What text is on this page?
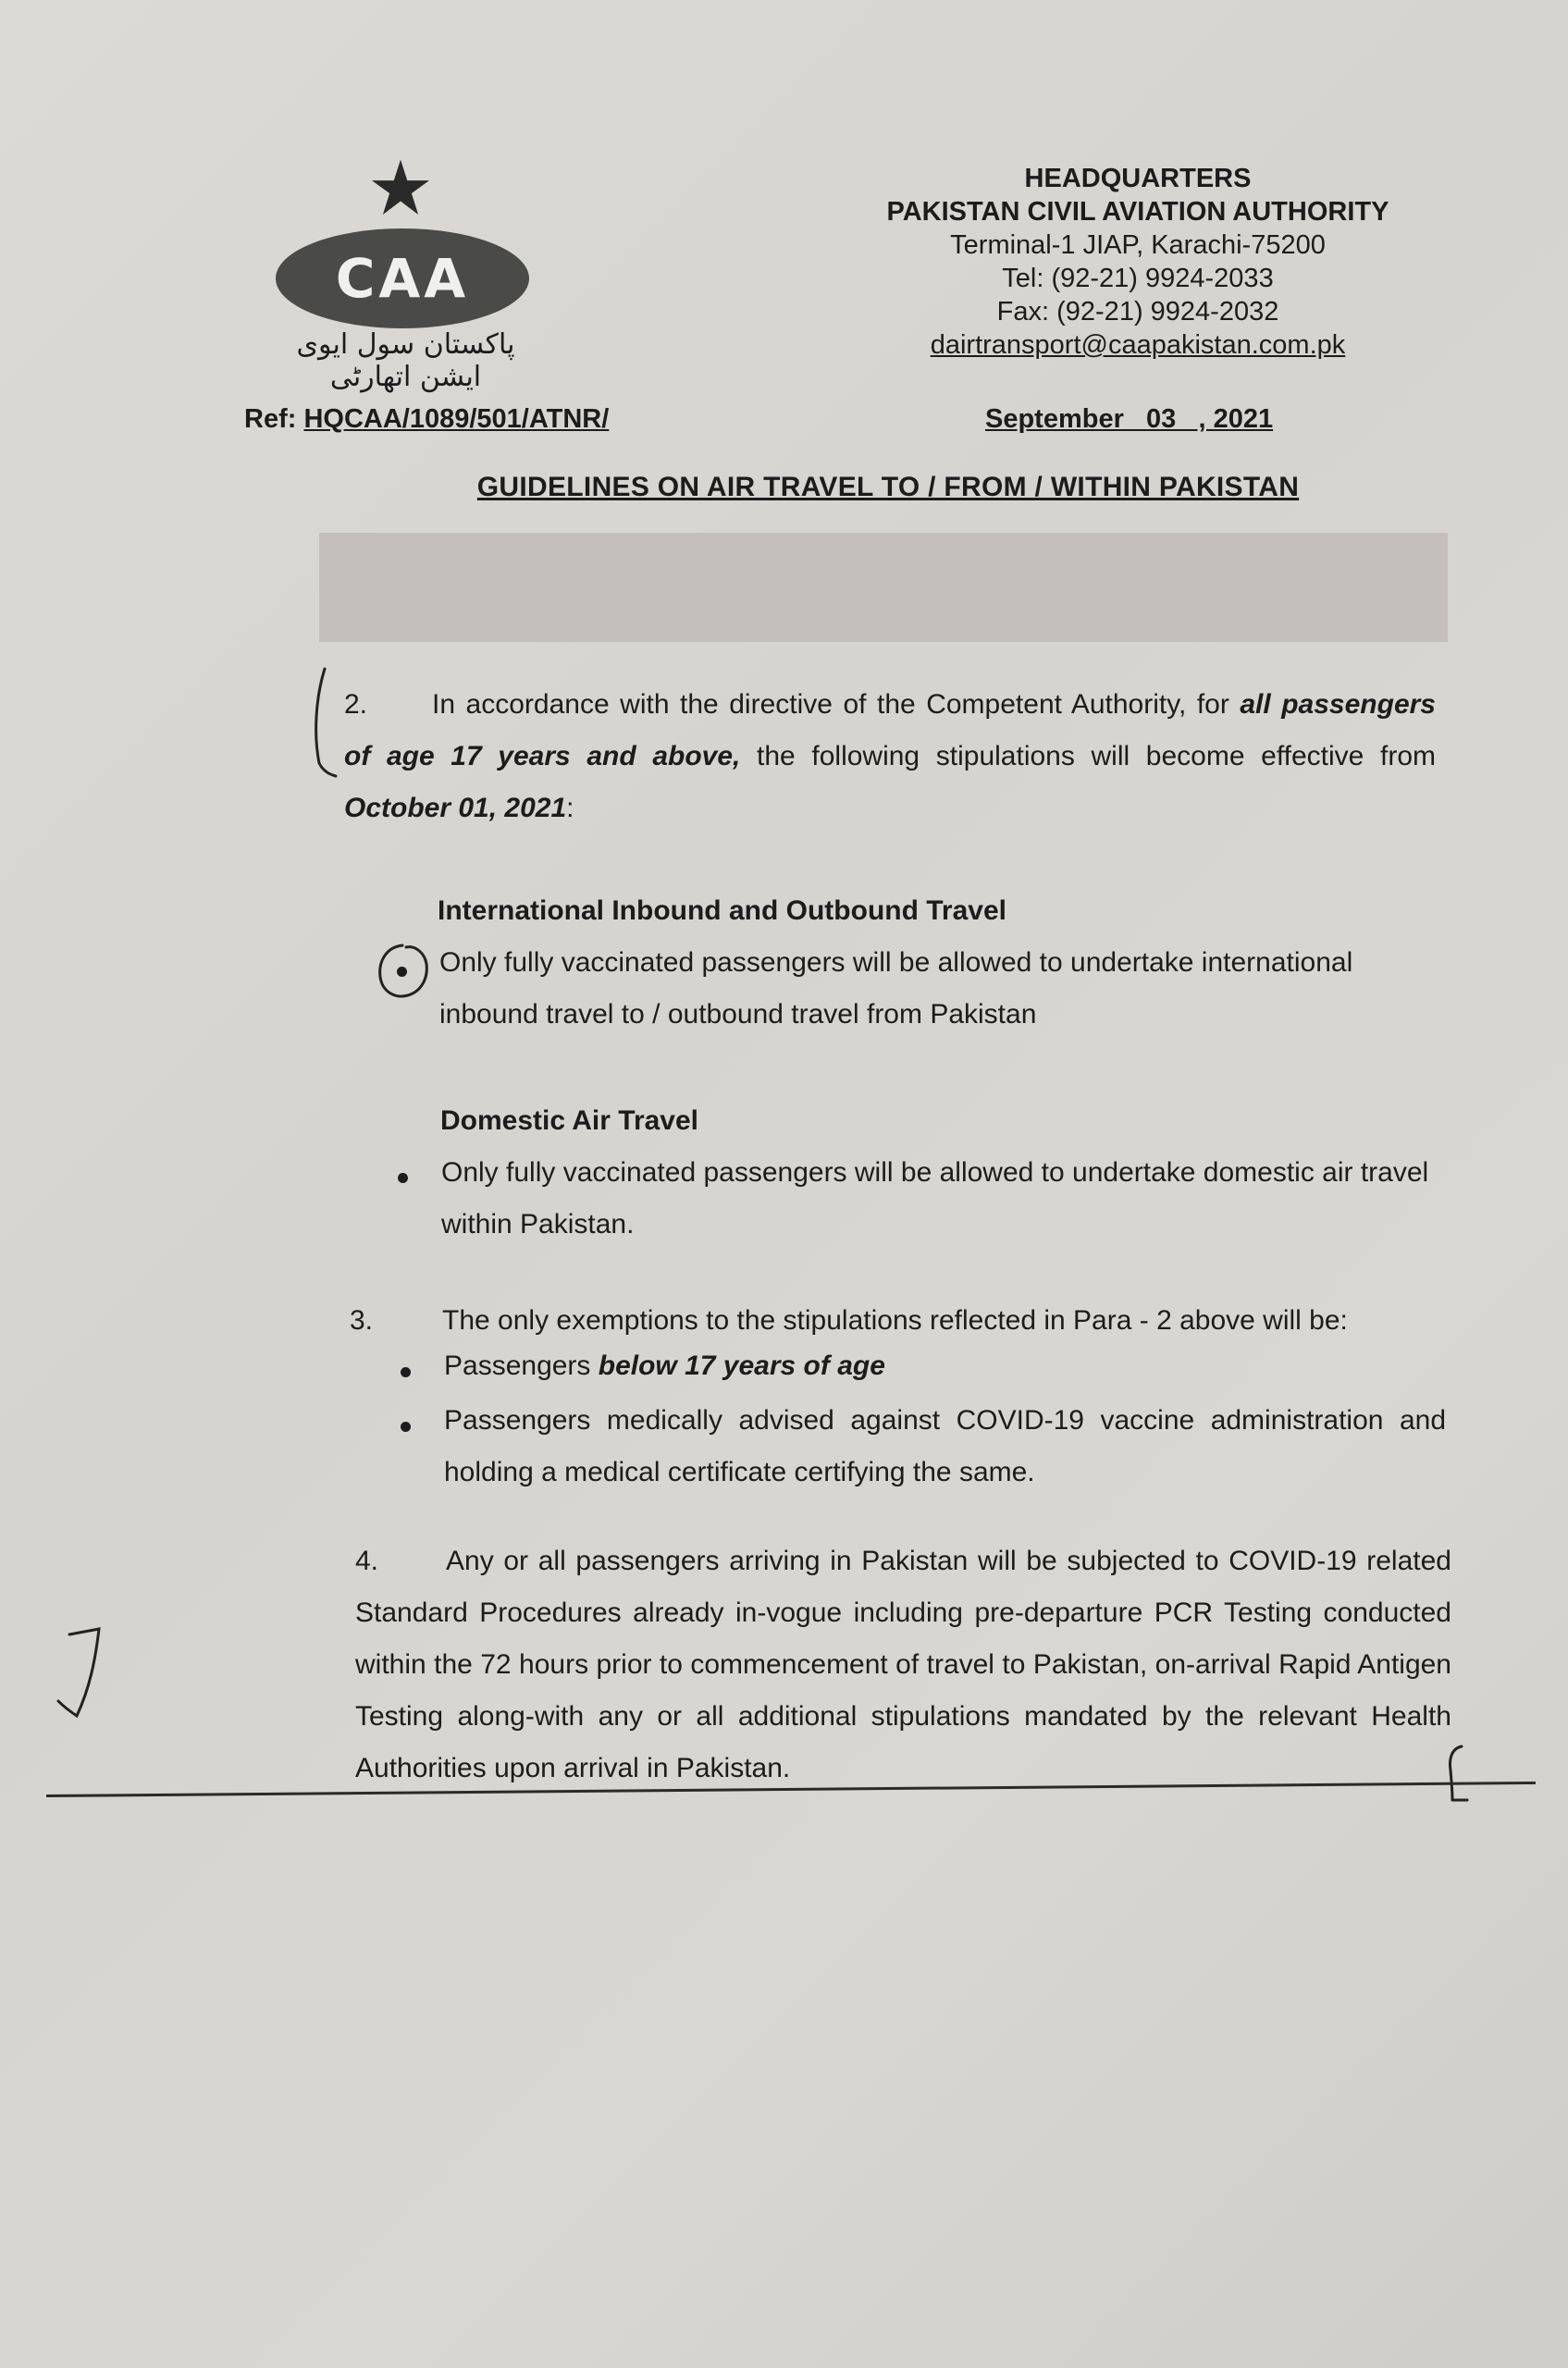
CAA
پاکستان سول ایوی ایشن اتھارٹی
HEADQUARTERS
PAKISTAN CIVIL AVIATION AUTHORITY
Terminal-1 JIAP, Karachi-75200
Tel: (92-21) 9924-2033
Fax: (92-21) 9924-2032
dairtransport@caapakistan.com.pk
Ref: HQCAA/1089/501/ATNR/	September   03   , 2021
GUIDELINES ON AIR TRAVEL TO / FROM / WITHIN PAKISTAN
2. In accordance with the directive of the Competent Authority, for all passengers of age 17 years and above, the following stipulations will become effective from October 01, 2021:
International Inbound and Outbound Travel
Only fully vaccinated passengers will be allowed to undertake international inbound travel to / outbound travel from Pakistan
Domestic Air Travel
Only fully vaccinated passengers will be allowed to undertake domestic air travel within Pakistan.
3. The only exemptions to the stipulations reflected in Para - 2 above will be:
Passengers below 17 years of age
Passengers medically advised against COVID-19 vaccine administration and holding a medical certificate certifying the same.
4. Any or all passengers arriving in Pakistan will be subjected to COVID-19 related Standard Procedures already in-vogue including pre-departure PCR Testing conducted within the 72 hours prior to commencement of travel to Pakistan, on-arrival Rapid Antigen Testing along-with any or all additional stipulations mandated by the relevant Health Authorities upon arrival in Pakistan.
